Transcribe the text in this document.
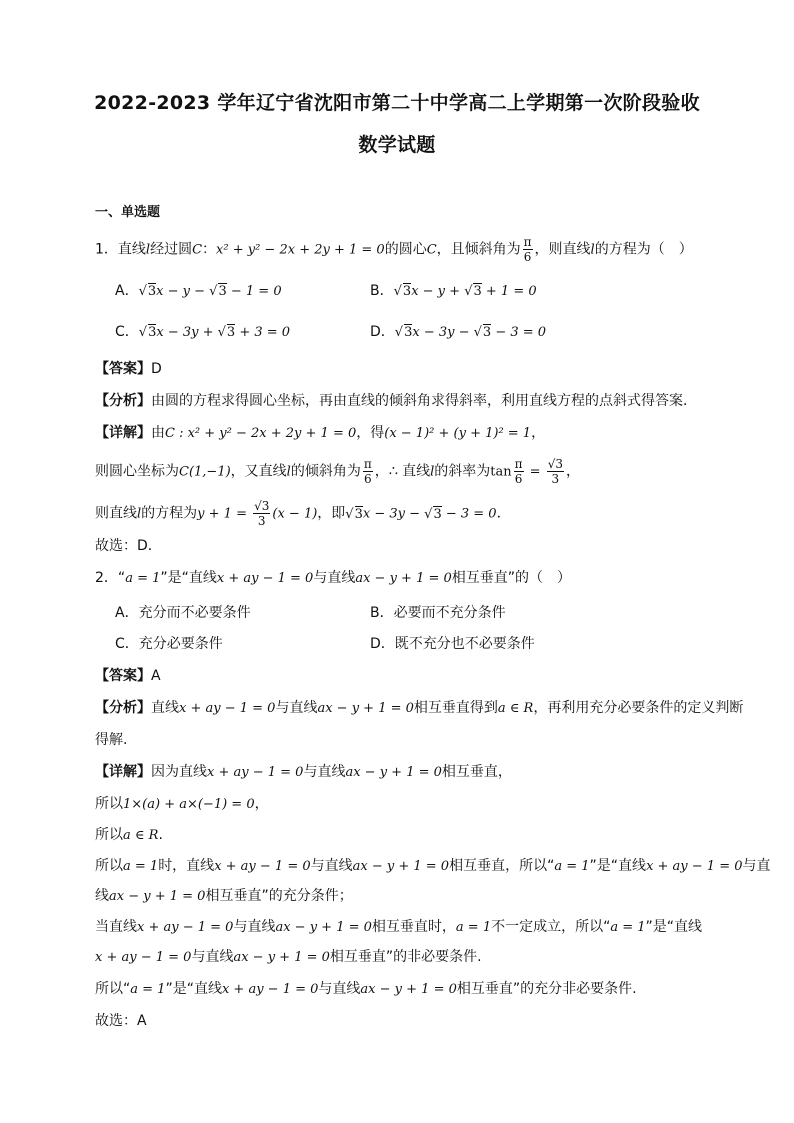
2022-2023 学年辽宁省沈阳市第二十中学高二上学期第一次阶段验收
数学试题
一、单选题
1．直线l经过圆C：x² + y² − 2x + 2y + 1 = 0的圆心C，且倾斜角为 $\frac{\pi}{6}$ ，则直线l的方程为（　）
A．√3x − y − √3 − 1 = 0	B．√3x − y + √3 + 1 = 0
C．√3x − 3y + √3 + 3 = 0	D．√3x − 3y − √3 − 3 = 0
【答案】D
【分析】由圆的方程求得圆心坐标，再由直线的倾斜角求得斜率，利用直线方程的点斜式得答案．
【详解】由C : x² + y² − 2x + 2y + 1 = 0，得(x − 1)² + (y + 1)² = 1，
则圆心坐标为C(1,−1)，又直线l的倾斜角为 $\frac{\pi}{6}$ ，∴ 直线l的斜率为$\tan \frac{\pi}{6} = \frac{√3}{3}$ ，
则直线l的方程为$y + 1 = \frac{√3}{3} (x - 1)$，即√3x − 3y − √3 − 3 = 0．
故选：D．
2．“a = 1”是“直线x + ay − 1 = 0与直线ax − y + 1 = 0相互垂直”的（　）
A．充分而不必要条件	B．必要而不充分条件
C．充分必要条件	D．既不充分也不必要条件
【答案】A
【分析】直线x + ay − 1 = 0与直线ax − y + 1 = 0相互垂直得到a ∈ R，再利用充分必要条件的定义判断
得解.
【详解】因为直线x + ay − 1 = 0与直线ax − y + 1 = 0相互垂直，
所以1×(a) + a×(−1) = 0，
所以a ∈ R.
所以a = 1时，直线x + ay − 1 = 0与直线ax − y + 1 = 0相互垂直，所以“a = 1”是“直线x + ay − 1 = 0与直
线ax − y + 1 = 0相互垂直”的充分条件；
当直线x + ay − 1 = 0与直线ax − y + 1 = 0相互垂直时，a = 1不一定成立，所以“a = 1”是“直线
x + ay − 1 = 0与直线ax − y + 1 = 0相互垂直”的非必要条件.
所以“a = 1”是“直线x + ay − 1 = 0与直线ax − y + 1 = 0相互垂直”的充分非必要条件.
故选：A
